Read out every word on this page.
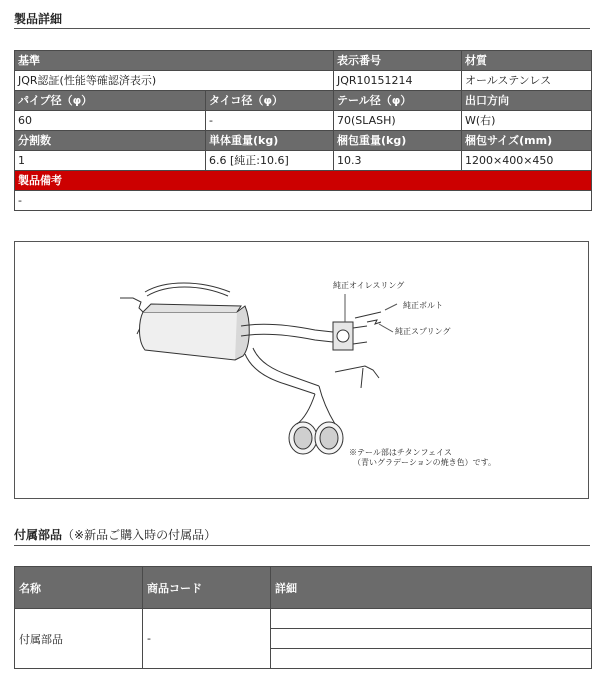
製品詳細
基準		表示番号	材質
JQR認証(性能等確認済表示)		JQR10151214	オールステンレス
パイプ径（φ）	タイコ径（φ）	テール径（φ）	出口方向
60	-	70(SLASH)	W(右)
分割数	単体重量(kg)	梱包重量(kg)	梱包サイズ(mm)
1	6.6 [純正:10.6]	10.3	1200×400×450
製品備考			
-			
純正オイレスリング
純正ボルト
純正スプリング
※テール部はチタンフェイス
（青いグラデーションの焼き色）です。
付属部品（※新品ご購入時の付属品）
名称	商品コード	詳細
付属部品	-	
